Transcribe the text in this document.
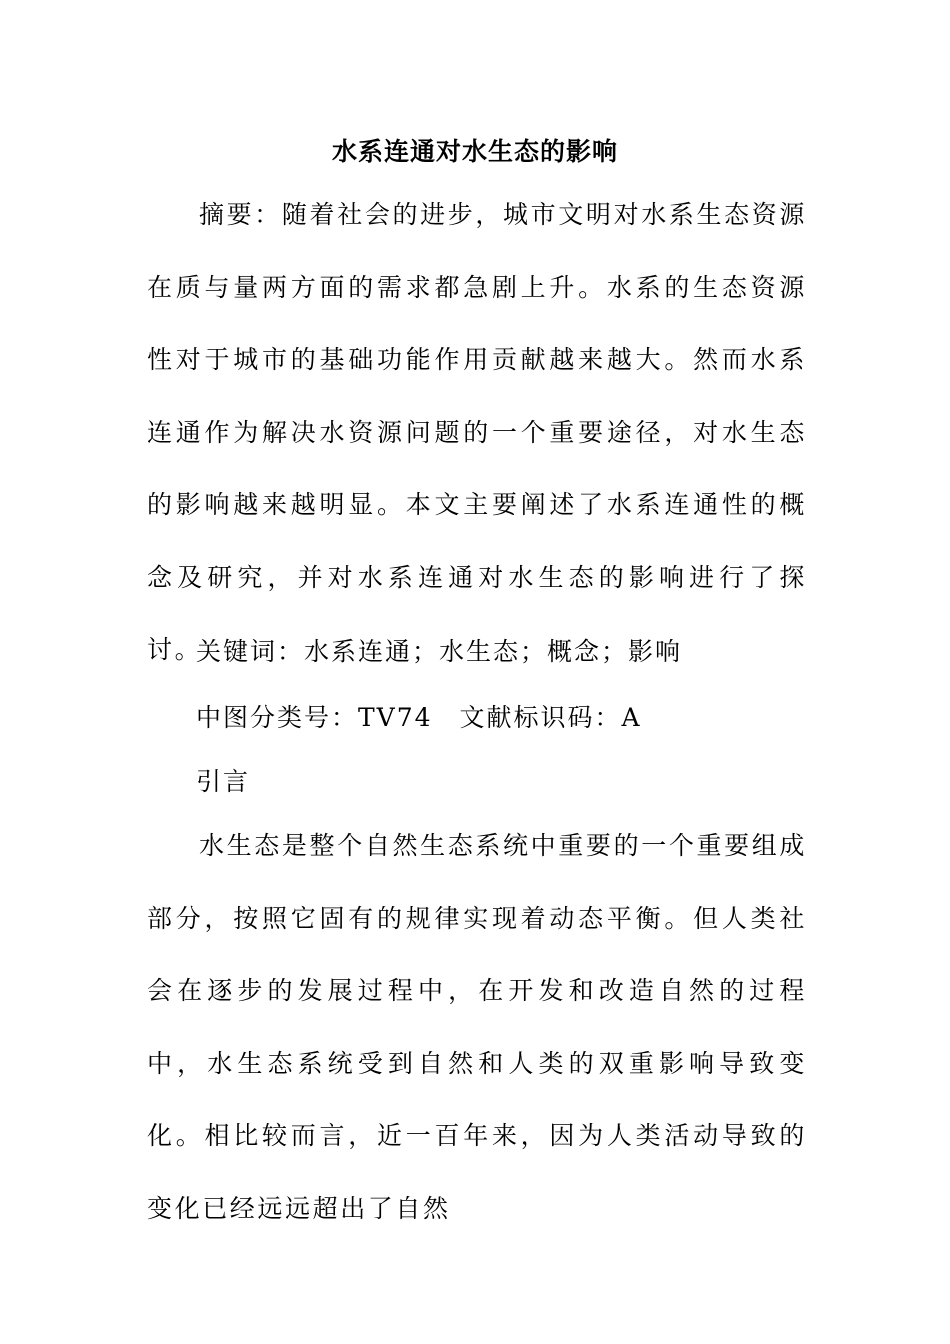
水系连通对水生态的影响
摘要：随着社会的进步，城市文明对水系生态资源在质与量两方面的需求都急剧上升。水系的生态资源性对于城市的基础功能作用贡献越来越大。然而水系连通作为解决水资源问题的一个重要途径，对水生态的影响越来越明显。本文主要阐述了水系连通性的概念及研究，并对水系连通对水生态的影响进行了探讨。
关键词：水系连通；水生态；概念；影响
中图分类号：TV74　文献标识码：A
引言
水生态是整个自然生态系统中重要的一个重要组成部分，按照它固有的规律实现着动态平衡。但人类社会在逐步的发展过程中，在开发和改造自然的过程中，水生态系统受到自然和人类的双重影响导致变化。相比较而言，近一百年来，因为人类活动导致的变化已经远远超出了自然
